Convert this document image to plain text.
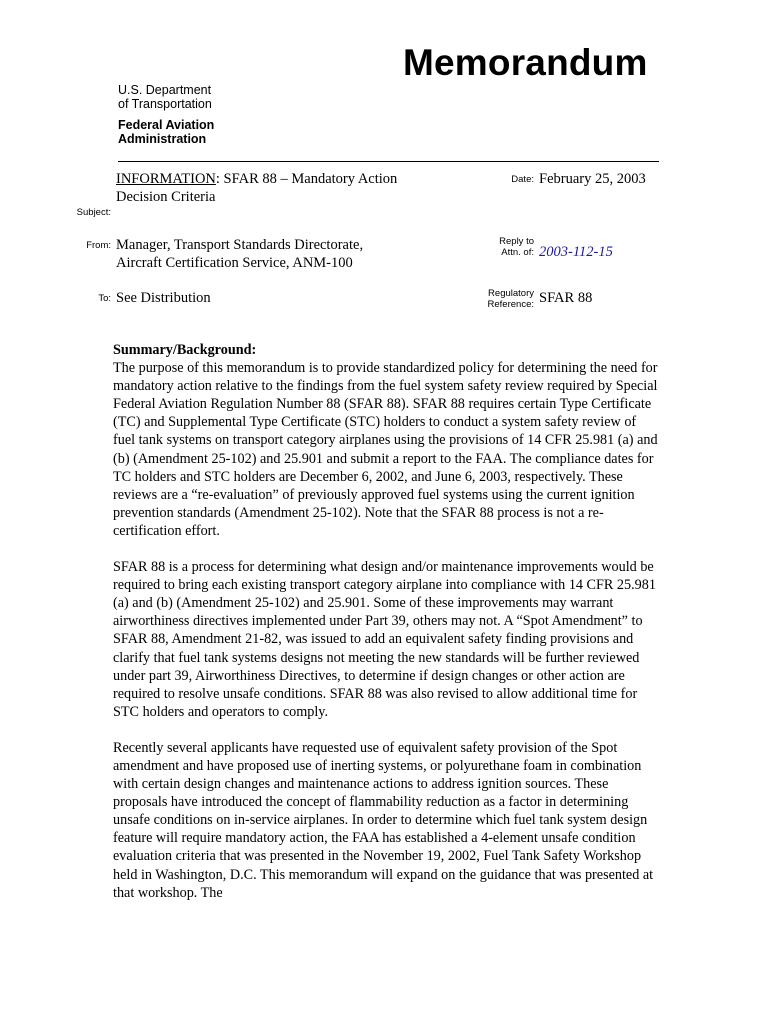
Memorandum
U.S. Department
of Transportation
Federal Aviation
Administration
INFORMATION: SFAR 88 – Mandatory Action
Decision Criteria
Subject:
Date: February 25, 2003
From: Manager, Transport Standards Directorate,
Aircraft Certification Service, ANM-100
Reply to
Attn. of: 2003-112-15
To: See Distribution	Regulatory
Reference: SFAR 88

Summary/Background:
The purpose of this memorandum is to provide standardized policy for determining the need for mandatory action relative to the findings from the fuel system safety review required by Special Federal Aviation Regulation Number 88 (SFAR 88). SFAR 88 requires certain Type Certificate (TC) and Supplemental Type Certificate (STC) holders to conduct a system safety review of fuel tank systems on transport category airplanes using the provisions of 14 CFR 25.981 (a) and (b) (Amendment 25-102) and 25.901 and submit a report to the FAA. The compliance dates for TC holders and STC holders are December 6, 2002, and June 6, 2003, respectively. These reviews are a “re-evaluation” of previously approved fuel systems using the current ignition prevention standards (Amendment 25-102). Note that the SFAR 88 process is not a re-certification effort.

SFAR 88 is a process for determining what design and/or maintenance improvements would be required to bring each existing transport category airplane into compliance with 14 CFR 25.981 (a) and (b) (Amendment 25-102) and 25.901. Some of these improvements may warrant airworthiness directives implemented under Part 39, others may not. A “Spot Amendment” to SFAR 88, Amendment 21-82, was issued to add an equivalent safety finding provisions and clarify that fuel tank systems designs not meeting the new standards will be further reviewed under part 39, Airworthiness Directives, to determine if design changes or other action are required to resolve unsafe conditions. SFAR 88 was also revised to allow additional time for STC holders and operators to comply.

Recently several applicants have requested use of equivalent safety provision of the Spot amendment and have proposed use of inerting systems, or polyurethane foam in combination with certain design changes and maintenance actions to address ignition sources. These proposals have introduced the concept of flammability reduction as a factor in determining unsafe conditions on in-service airplanes. In order to determine which fuel tank system design feature will require mandatory action, the FAA has established a 4-element unsafe condition evaluation criteria that was presented in the November 19, 2002, Fuel Tank Safety Workshop held in Washington, D.C. This memorandum will expand on the guidance that was presented at that workshop. The
